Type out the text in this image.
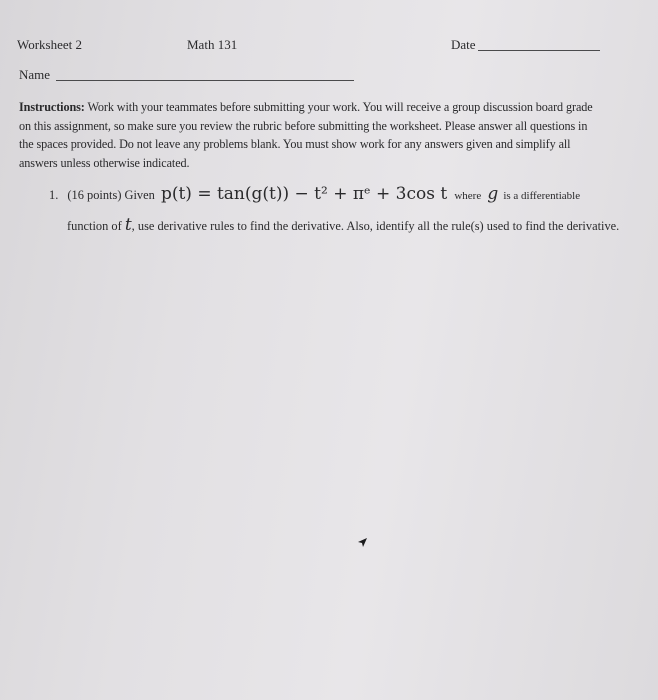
Worksheet 2	Math 131	Date
Name
Instructions: Work with your teammates before submitting your work. You will receive a group discussion board grade on this assignment, so make sure you review the rubric before submitting the worksheet. Please answer all questions in the spaces provided. Do not leave any problems blank. You must show work for any answers given and simplify all answers unless otherwise indicated.
1. (16 points) Given p(t) = tan(g(t)) − t² + πᵉ + 3cos t where g is a differentiable
function of t, use derivative rules to find the derivative. Also, identify all the rule(s) used to find the derivative.
